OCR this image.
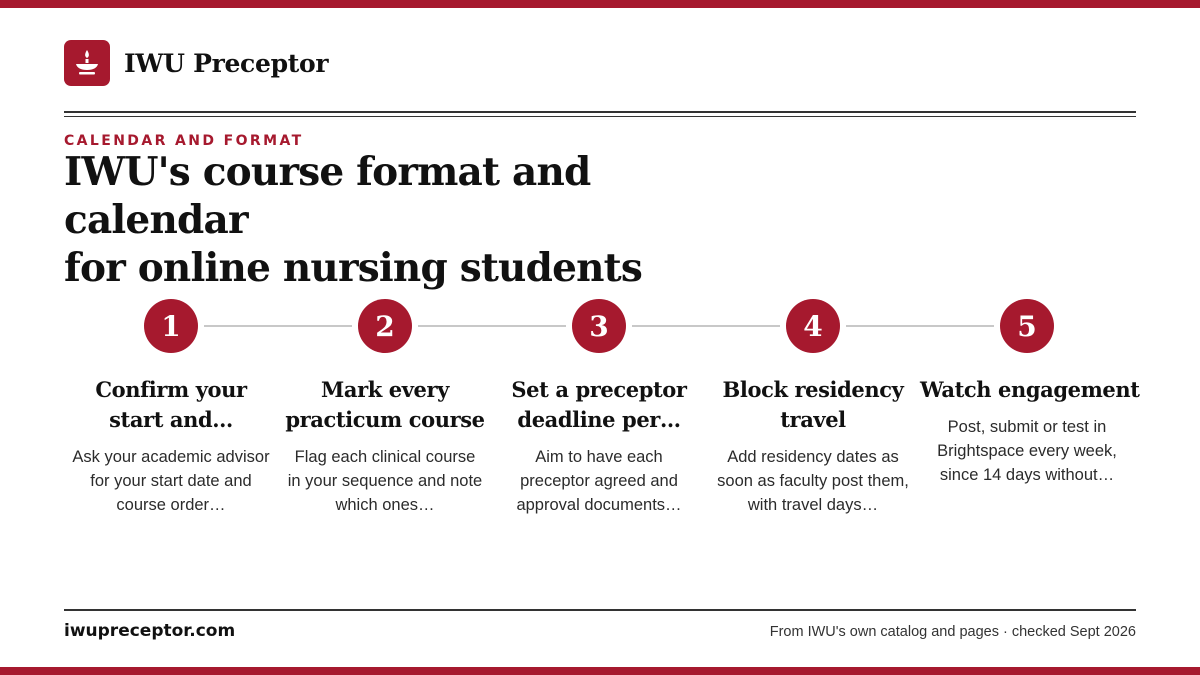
IWU Preceptor
CALENDAR AND FORMAT
IWU's course format and calendar
for online nursing students
1
Confirm your
start and…
Ask your academic advisor for your start date and course order…
2
Mark every
practicum course
Flag each clinical course in your sequence and note which ones…
3
Set a preceptor
deadline per…
Aim to have each preceptor agreed and approval documents…
4
Block residency
travel
Add residency dates as soon as faculty post them, with travel days…
5
Watch engagement
Post, submit or test in Brightspace every week, since 14 days without…
iwupreceptor.com	From IWU's own catalog and pages · checked Sept 2026
